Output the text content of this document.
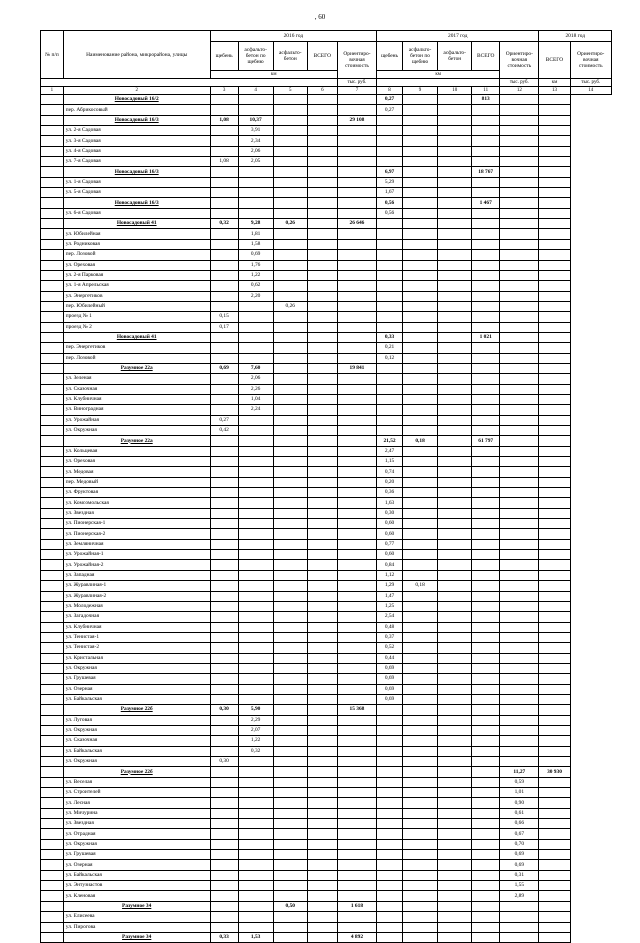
, 60
№ п/п	Наименование района, микрорайона, улицы	2016 год					2017 год					2018 год	
		щебень	асфальто-бетон по щебню	асфальто-бетон	ВСЕГО	Ориентиро-вочная стоимость	щебень	асфальто-бетон по щебню	асфальто-бетон	ВСЕГО	Ориентиро-вочная стоимость	ВСЕГО	Ориентиро-вочная стоимость
		км					км						
						тыс. руб.					тыс. руб.	км	тыс. руб.
1	2	3	4	5	6	7	8	9	10	11	12	13	14
	Новосадовый 16/2						0,27			813			
	пер. Абрикосовый						0,27						
	Новосадовый 16/3	1,08	10,37			29 108							
	ул. 2-я Садовая		3,91										
	ул. 3-я Садовая		2,34										
	ул. 4-я Садовая		2,06										
	ул. 7-я Садовая	1,08	2,05										
	Новосадовый 16/3						6,97			18 767			
	ул. 1-я Садовая						5,29						
	ул. 5-я Садовая						1,67						
	Новосадовый 16/3						0,56			1 467			
	ул. 6-я Садовая						0,56						
	Новосадовый 41	0,32	9,28	0,26		26 646							
	ул. Юбилейная		1,81										
	ул. Родниковая		1,58										
	пер. Лозовой		0,69										
	ул. Ореховая		1,76										
	ул. 2-я Парковая		1,22										
	ул. 1-я Апрельская		0,62										
	ул. Энергетиков		2,20										
	пер. Юбилейный			0,26									
	проезд № 1	0,15											
	проезд № 2	0,17											
	Новосадовый 41						0,33			1 021			
	пер. Энергетиков						0,21						
	пер. Лозовой						0,12						
	Разумное 22а	0,69	7,60			19 841							
	ул. Зеленая		2,06										
	ул. Сказочная		2,26										
	ул. Клубничная		1,04										
	ул. Виноградная		2,24										
	ул. Урожайная	0,27											
	ул. Окружная	0,42											
	Разумное 22а						21,52	0,18		61 797			
	ул. Кольцевая						2,47						
	ул. Ореховая						1,15						
	ул. Медовая						0,74						
	пер. Медовый						0,20						
	ул. Фруктовая						0,36						
	ул. Комсомольская						1,63						
	ул. Звездная						0,30						
	ул. Пионерская-1						0,60						
	ул. Пионерская-2						0,60						
	ул. Земляничная						0,77						
	ул. Урожайная-1						0,60						
	ул. Урожайная-2						0,84						
	ул. Западная						1,12						
	ул. Журавлиная-1						1,29	0,18					
	ул. Журавлиная-2						1,47						
	ул. Молодежная						1,25						
	ул. Загадочная						2,54						
	ул. Клубничная						0,48						
	ул. Тенистая-1						0,37						
	ул. Тенистая-2						0,52						
	ул. Кристальная						0,44						
	ул. Окружная						0,69						
	ул. Грушевая						0,69						
	ул. Озерная						0,69						
	ул. Байкальская						0,69						
	Разумное 22б	0,30	5,90			15 368							
	ул. Луговая		2,29										
	ул. Окружная		2,07										
	ул. Сказочная		1,22										
	ул. Байкальская		0,32										
	ул. Окружная	0,30											
	Разумное 22б										11,27	30 930	
	ул. Веселая										0,59		
	ул. Строителей										1,01		
	ул. Лесная										0,90		
	ул. Мичурина										0,61		
	ул. Звездная										0,66		
	ул. Отрадная										0,67		
	ул. Окружная										0,70		
	ул. Грушевая										0,69		
	ул. Озерная										0,69		
	ул. Байкальская										0,31		
	ул. Энтузиастов										1,55		
	ул. Кленовая										2,89		
	Разумное 34			0,50		1 618							
	ул. Елисеева												
	ул. Пирогова												
	Разумное 34	0,33	1,53			4 892							
